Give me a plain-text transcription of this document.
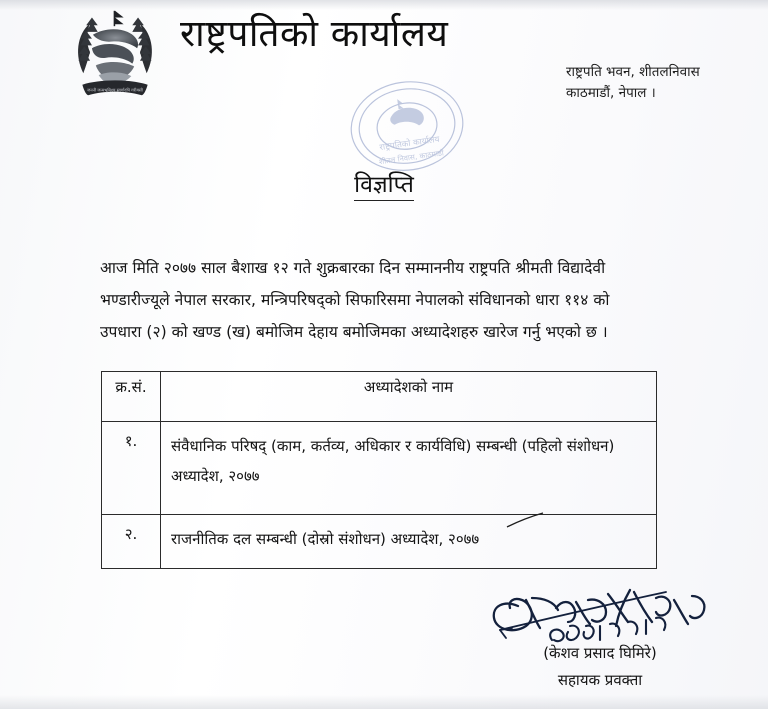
जननी जन्मभूमिश्च स्वर्गादपि गरीयसी
राष्ट्रपतिको कार्यालय
राष्ट्रपति भवन, शीतलनिवास
काठमाडौं, नेपाल ।
राष्ट्रपतिको कार्यालय
शीतल निवास, काठमाडौं
विज्ञप्ति
आज मिति २०७७ साल बैशाख १२ गते शुक्रबारका दिन सम्माननीय राष्ट्रपति श्रीमती विद्यादेवी
भण्डारीज्यूले नेपाल सरकार, मन्त्रिपरिषद्को सिफारिसमा नेपालको संविधानको धारा ११४ को
उपधारा (२) को खण्ड (ख) बमोजिम देहाय बमोजिमका अध्यादेशहरु खारेज गर्नु भएको छ ।
क्र.सं.	अध्यादेशको नाम
१.	संवैधानिक परिषद् (काम, कर्तव्य, अधिकार र कार्यविधि) सम्बन्धी (पहिलो संशोधन)
अध्यादेश, २०७७

२.	राजनीतिक दल सम्बन्धी (दोस्रो संशोधन) अध्यादेश, २०७७
(केशव प्रसाद घिमिरे)
सहायक प्रवक्ता
